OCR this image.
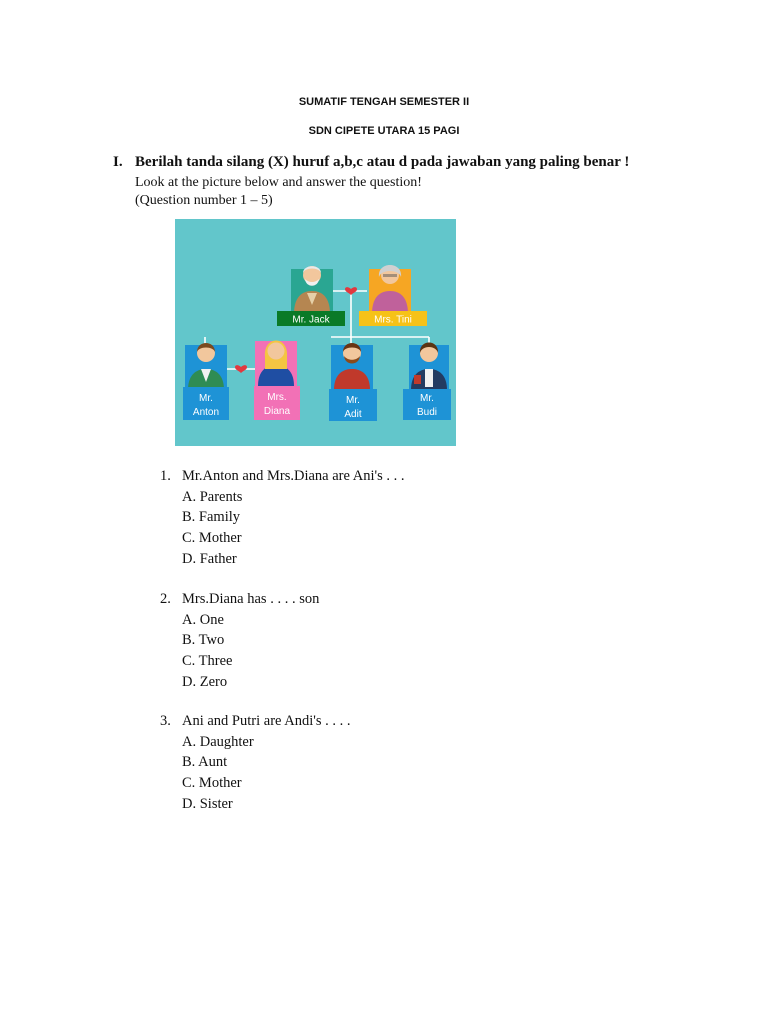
SUMATIF TENGAH SEMESTER II
SDN CIPETE UTARA 15 PAGI
I. Berilah tanda silang (X) huruf a,b,c atau d pada jawaban yang paling benar !
Look at the picture below and answer the question!
(Question number 1 – 5)
Mr. Jack	Mrs. Tini
Mr.
Anton
Mrs.
Diana
Mr.
Adit
Mr.
Budi
1. Mr.Anton and Mrs.Diana are Ani's . . .
A. Parents
B. Family
C. Mother
D. Father
2. Mrs.Diana has . . . . son
A. One
B. Two
C. Three
D. Zero
3. Ani and Putri are Andi's . . . .
A. Daughter
B. Aunt
C. Mother
D. Sister
